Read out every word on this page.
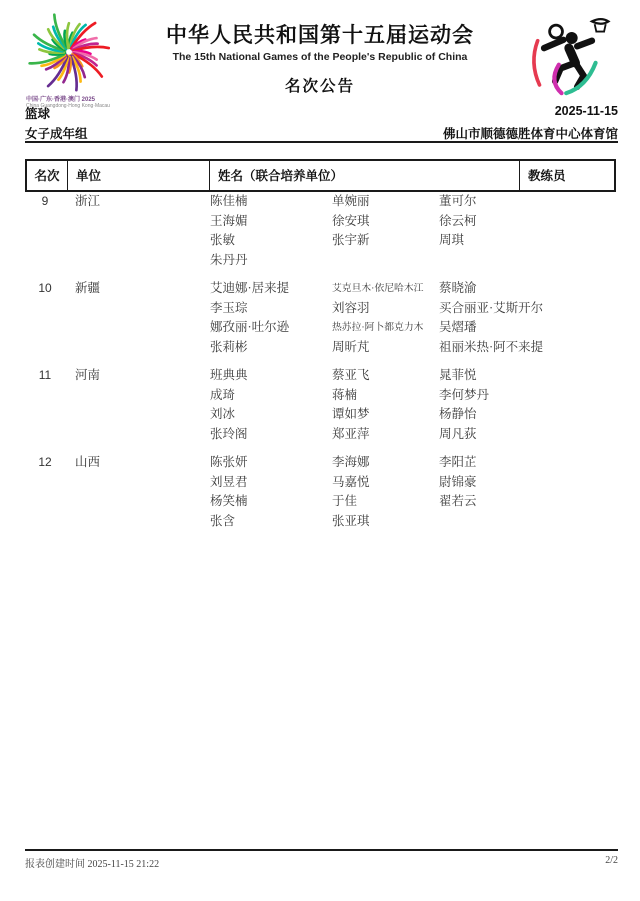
中国·广东·香港·澳门 2025
China Guangdong·Hong Kong·Macau
中华人民共和国第十五届运动会
The 15th National Games of the People's Republic of China
名次公告
篮球	2025-11-15
女子成年组	佛山市顺德德胜体育中心体育馆
名次	单位	姓名（联合培养单位）	教练员
9	浙江	陈佳楠	单婉丽	董可尔
王海媚	徐安琪	徐云柯
张敏	张宇新	周琪
朱丹丹
10	新疆	艾迪娜·居来提	艾克旦木·依尼哈木江	蔡晓渝
李玉琮	刘容羽	买合丽亚·艾斯开尔
娜孜丽·吐尔逊	热苏拉·阿卜都克力木	吴熠璠
张莉彬	周昕芃	祖丽米热·阿不来提
11	河南	班典典	蔡亚飞	晁菲悦
成琦	蒋楠	李何梦丹
刘冰	谭如梦	杨静怡
张玲阁	郑亚萍	周凡荻
12	山西	陈张妍	李海娜	李阳芷
刘昱君	马嘉悦	尉锦豪
杨笑楠	于佳	翟若云
张含	张亚琪
报表创建时间 2025-11-15 21:22	2/2
